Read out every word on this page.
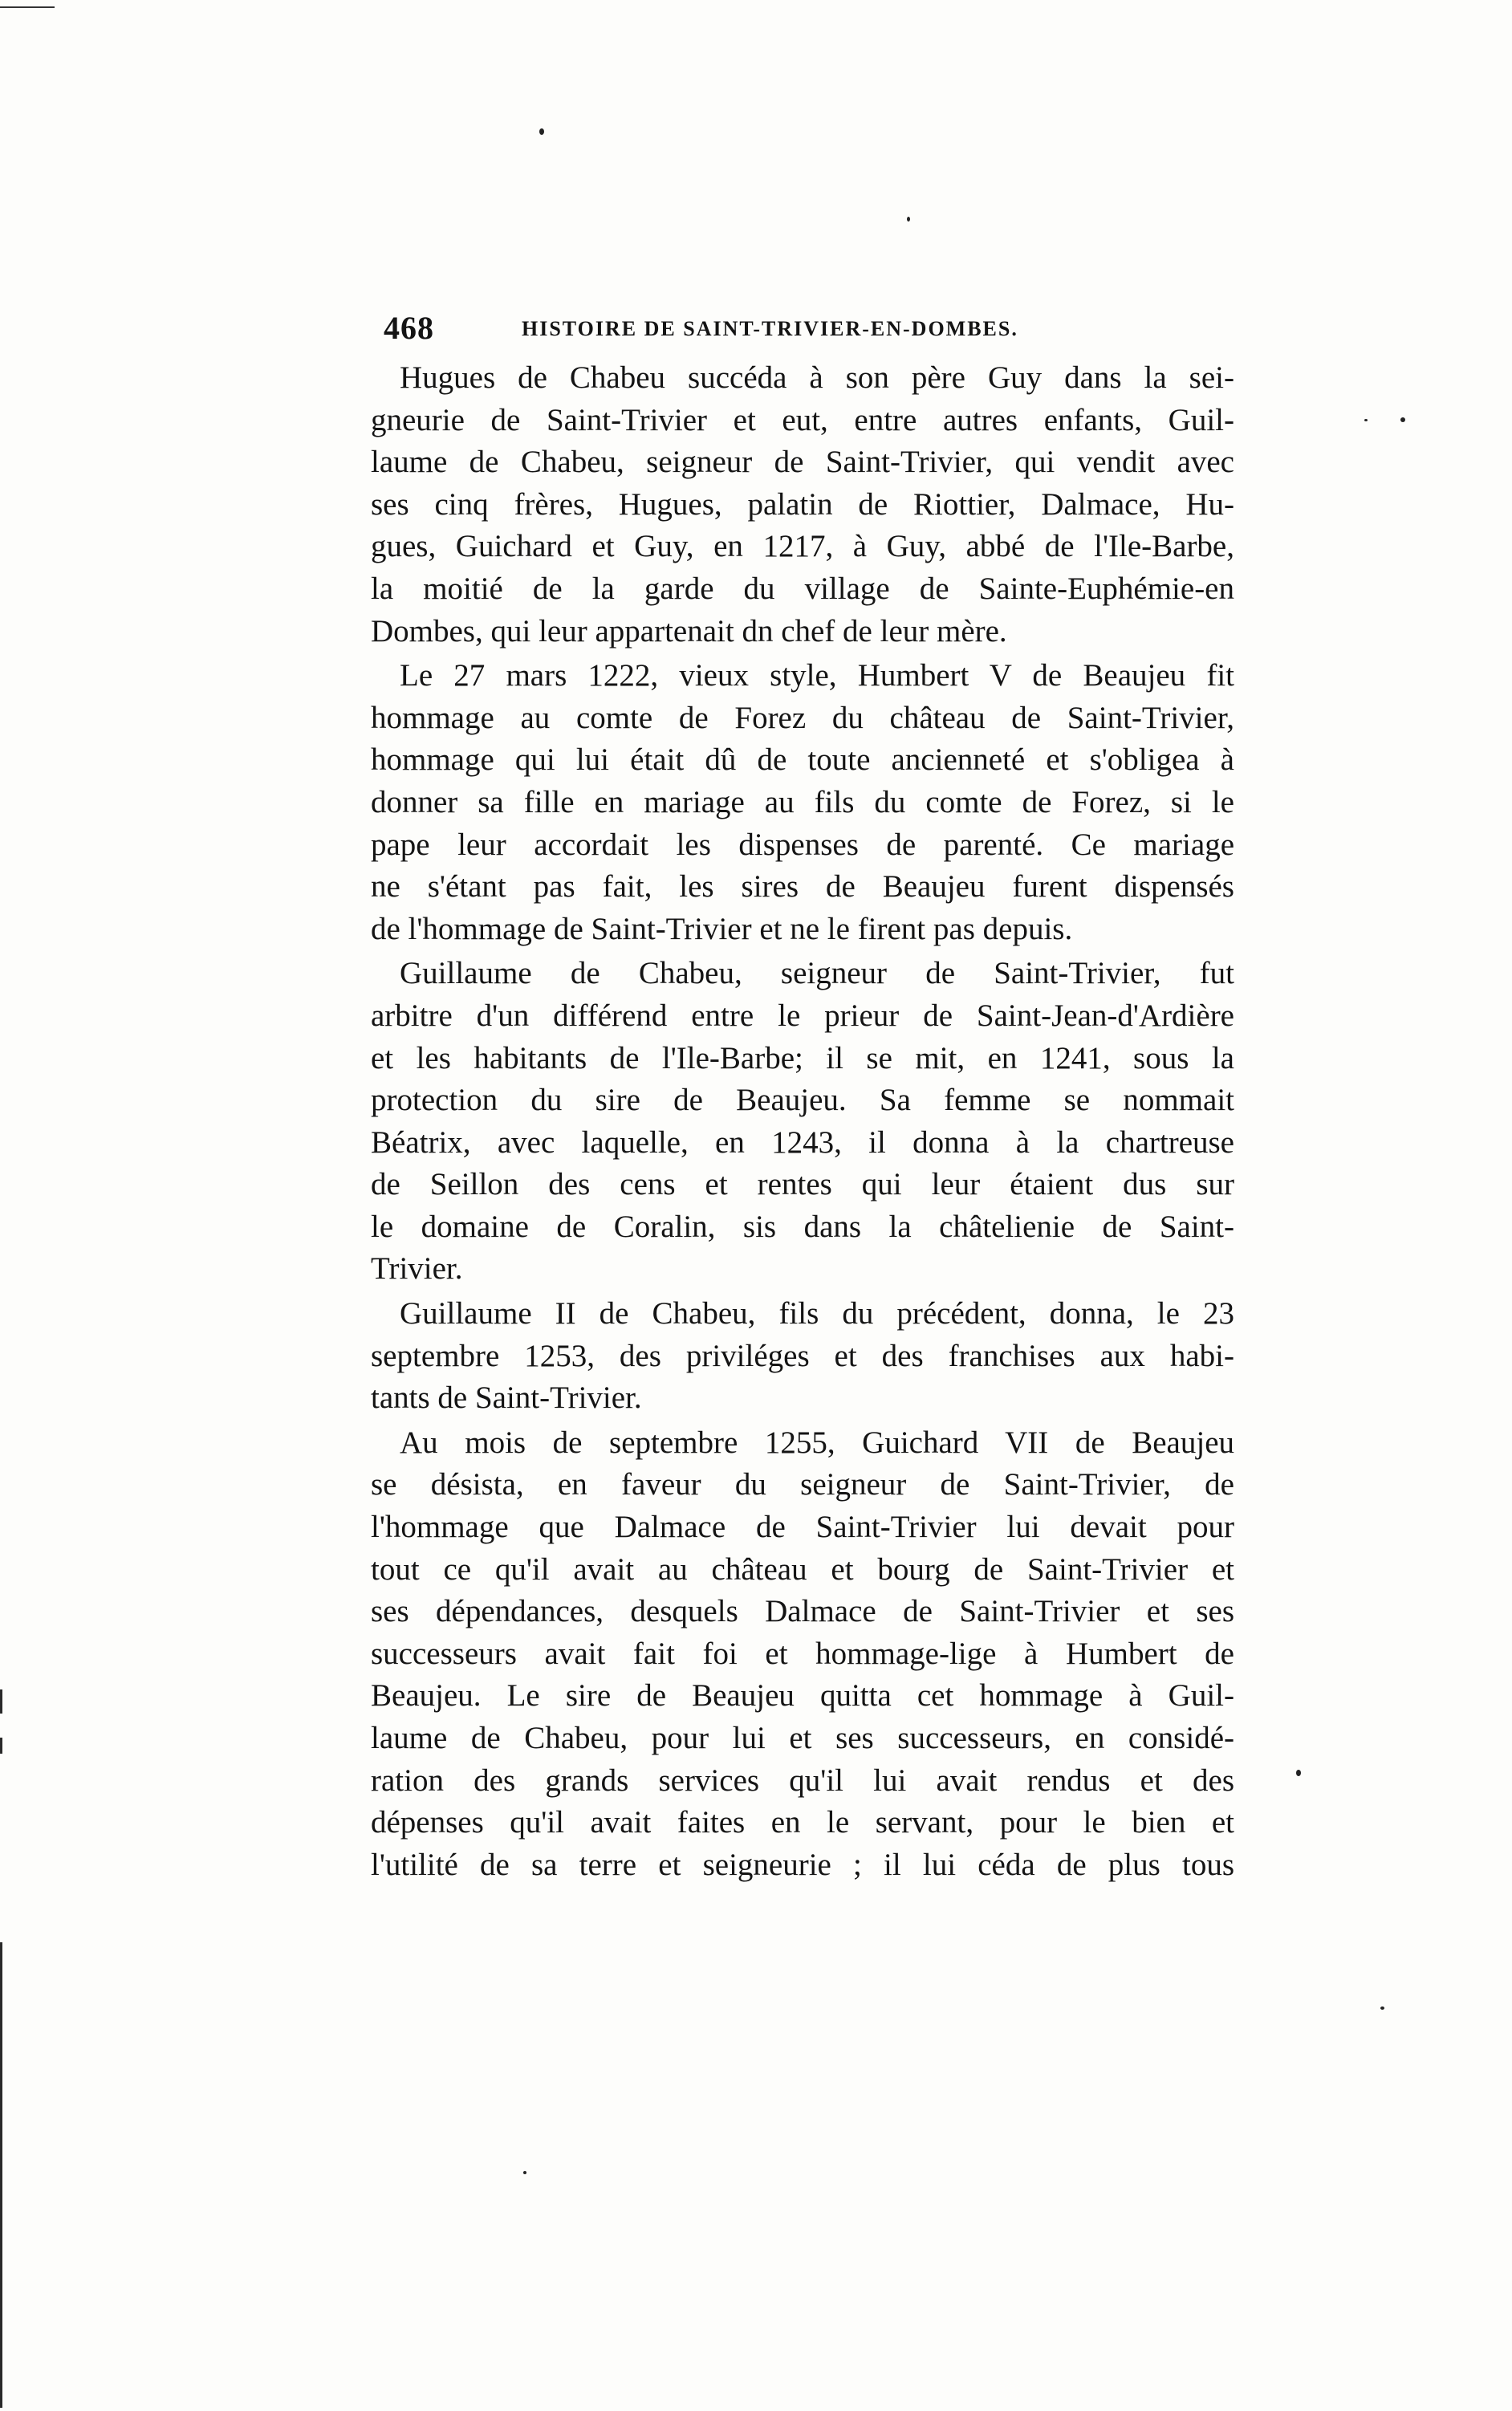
468	HISTOIRE DE SAINT-TRIVIER-EN-DOMBES.
Hugues de Chabeu succéda à son père Guy dans la sei-
gneurie de Saint-Trivier et eut, entre autres enfants, Guil-
laume de Chabeu, seigneur de Saint-Trivier, qui vendit avec
ses cinq frères, Hugues, palatin de Riottier, Dalmace, Hu-
gues, Guichard et Guy, en 1217, à Guy, abbé de l'Ile-Barbe,
la moitié de la garde du village de Sainte-Euphémie-en
Dombes, qui leur appartenait dn chef de leur mère.
Le 27 mars 1222, vieux style, Humbert V de Beaujeu fit
hommage au comte de Forez du château de Saint-Trivier,
hommage qui lui était dû de toute ancienneté et s'obligea à
donner sa fille en mariage au fils du comte de Forez, si le
pape leur accordait les dispenses de parenté. Ce mariage
ne s'étant pas fait, les sires de Beaujeu furent dispensés
de l'hommage de Saint-Trivier et ne le firent pas depuis.
Guillaume de Chabeu, seigneur de Saint-Trivier, fut
arbitre d'un différend entre le prieur de Saint-Jean-d'Ardière
et les habitants de l'Ile-Barbe; il se mit, en 1241, sous la
protection du sire de Beaujeu. Sa femme se nommait
Béatrix, avec laquelle, en 1243, il donna à la chartreuse
de Seillon des cens et rentes qui leur étaient dus sur
le domaine de Coralin, sis dans la châtelienie de Saint-
Trivier.
Guillaume II de Chabeu, fils du précédent, donna, le 23
septembre 1253, des priviléges et des franchises aux habi-
tants de Saint-Trivier.
Au mois de septembre 1255, Guichard VII de Beaujeu
se désista, en faveur du seigneur de Saint-Trivier, de
l'hommage que Dalmace de Saint-Trivier lui devait pour
tout ce qu'il avait au château et bourg de Saint-Trivier et
ses dépendances, desquels Dalmace de Saint-Trivier et ses
successeurs avait fait foi et hommage-lige à Humbert de
Beaujeu. Le sire de Beaujeu quitta cet hommage à Guil-
laume de Chabeu, pour lui et ses successeurs, en considé-
ration des grands services qu'il lui avait rendus et des
dépenses qu'il avait faites en le servant, pour le bien et
l'utilité de sa terre et seigneurie ; il lui céda de plus tous
